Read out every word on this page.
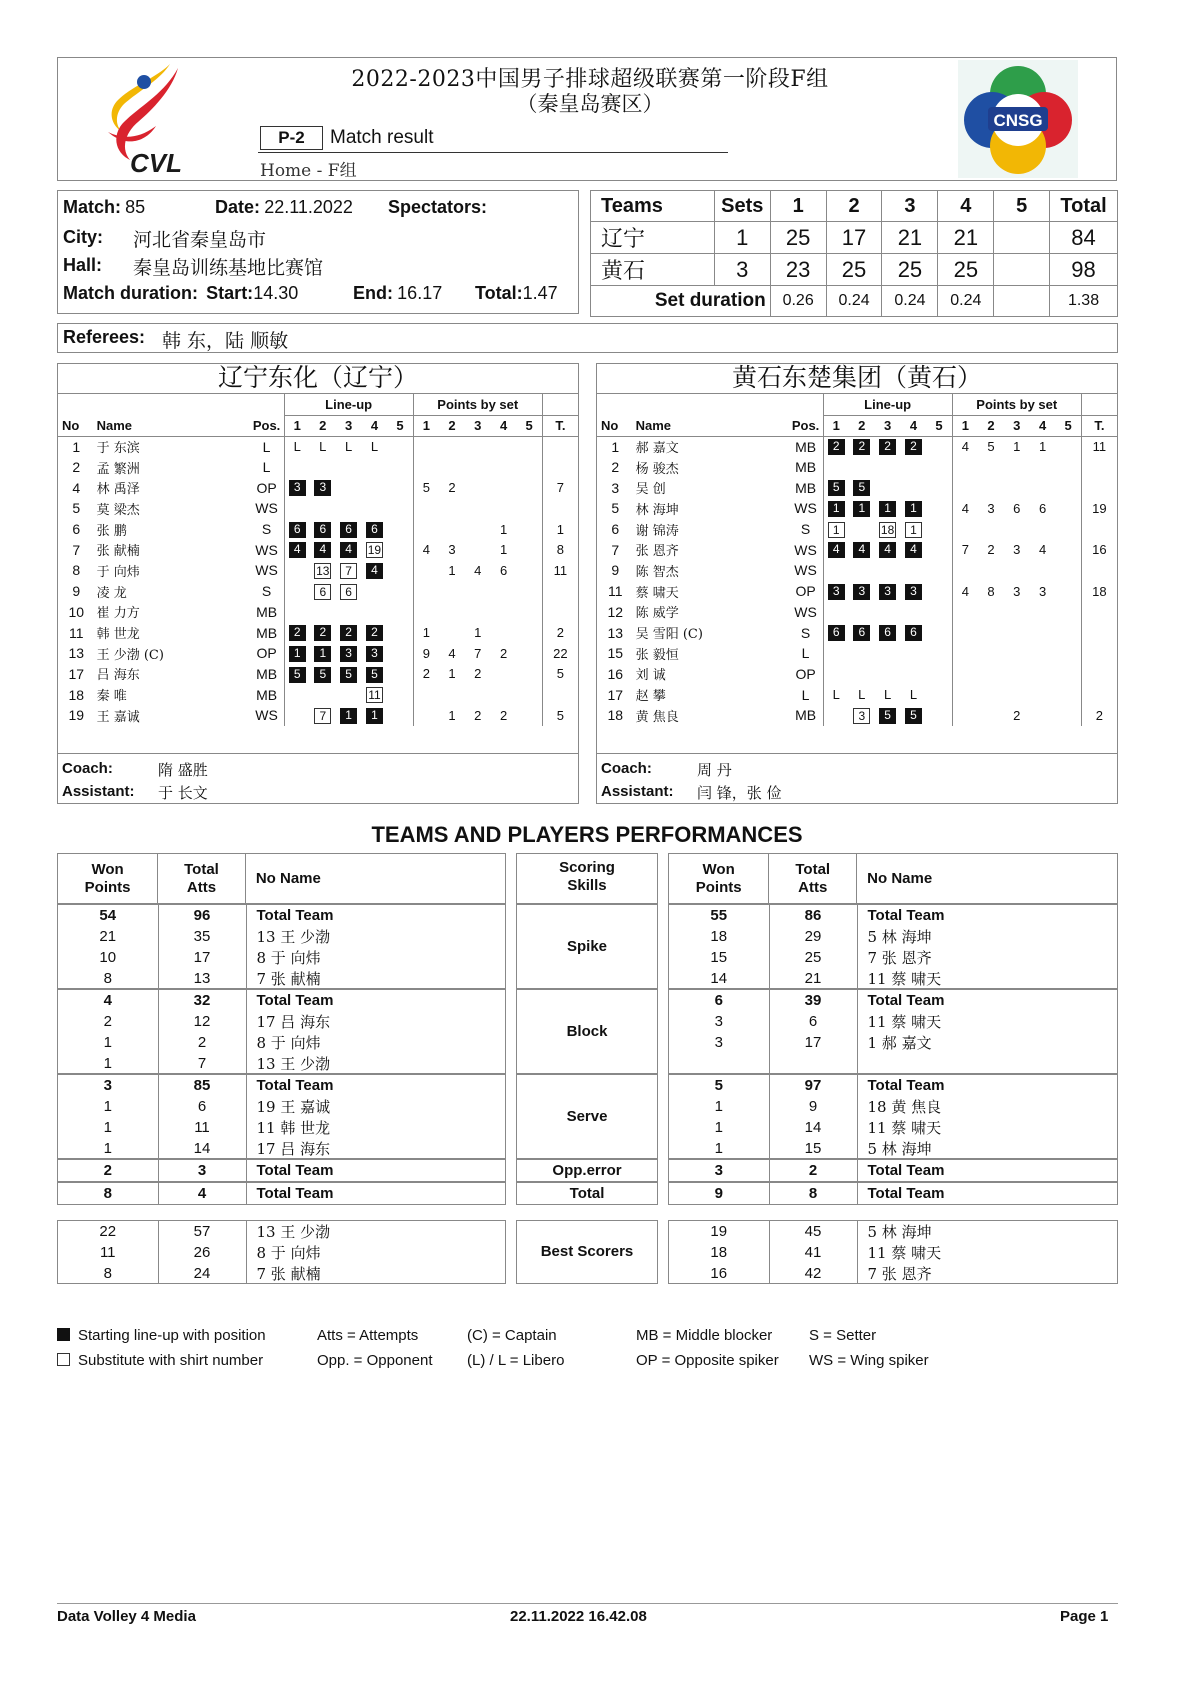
CVL
2022-2023中国男子排球超级联赛第一阶段F组
（秦皇岛赛区）
P-2	Match result
Home - F组
CNSG
Match: 85	Date: 22.11.2022 Spectators:
City: 河北省秦皇岛市
Hall: 秦皇岛训练基地比赛馆
Match duration: Start:14.30	End: 16.17 Total:1.47
Teams	Sets	1	2	3	4	5	Total
辽宁	1	25	17	21	21		84
黄石	3	23	25	25	25		98
Set duration		0.26	0.24	0.24	0.24		1.38
Referees: 韩 东，陆 顺敏
辽宁东化（辽宁）
			Line-up					Points by set					
No	Name	Pos.	1	2	3	4	5	1	2	3	4	5	T.
1	于 东滨	L	L	L	L	L							
2	孟 繁洲	L											
4	林 禹泽	OP	3	3				5	2				7
5	莫 梁杰	WS											
6	张 鹏	S	6	6	6	6					1		1
7	张 献楠	WS	4	4	4	19		4	3		1		8
8	于 向炜	WS		13	7	4			1	4	6		11
9	凌 龙	S		6	6								
10	崔 力方	MB											
11	韩 世龙	MB	2	2	2	2		1		1			2
13	王 少渤 (C)	OP	1	1	3	3		9	4	7	2		22
17	吕 海东	MB	5	5	5	5		2	1	2			5
18	秦 唯	MB				11							
19	王 嘉诚	WS		7	1	1			1	2	2		5
Coach:	隋 盛胜
Assistant: 于 长文
黄石东楚集团（黄石）
			Line-up					Points by set					
No	Name	Pos.	1	2	3	4	5	1	2	3	4	5	T.
1	郝 嘉文	MB	2	2	2	2		4	5	1	1		11
2	杨 骏杰	MB											
3	吴 创	MB	5	5									
5	林 海坤	WS	1	1	1	1		4	3	6	6		19
6	谢 锦涛	S	1		18	1							
7	张 恩齐	WS	4	4	4	4		7	2	3	4		16
9	陈 智杰	WS											
11	蔡 啸天	OP	3	3	3	3		4	8	3	3		18
12	陈 威学	WS											
13	吴 雪阳 (C)	S	6	6	6	6							
15	张 毅恒	L											
16	刘 诚	OP											
17	赵 攀	L	L	L	L	L							
18	黄 焦良	MB		3	5	5				2			2
Coach:	周 丹
Assistant: 闫 锋，张 俭
TEAMS AND PLAYERS PERFORMANCES
Won
Points	Total
Atts	No Name
Won
Points	Total
Atts	No Name
Scoring
Skills
54	96	Total Team
21	35	13 王 少渤
10	17	8 于 向炜
8	13	7 张 献楠
Spike
55	86	Total Team
18	29	5 林 海坤
15	25	7 张 恩齐
14	21	11 蔡 啸天
4	32	Total Team
2	12	17 吕 海东
1	2	8 于 向炜
1	7	13 王 少渤
Block
6	39	Total Team
3	6	11 蔡 啸天
3	17	1 郝 嘉文

3	85	Total Team
1	6	19 王 嘉诚
1	11	11 韩 世龙
1	14	17 吕 海东
Serve
5	97	Total Team
1	9	18 黄 焦良
1	14	11 蔡 啸天
1	15	5 林 海坤
2	3	Total Team	Opp.error	3	2	Total Team
8	4	Total Team	Total	9	8	Total Team
22	57	13 王 少渤
11	26	8 于 向炜
8	24	7 张 献楠
Best Scorers
19	45	5 林 海坤
18	41	11 蔡 啸天
16	42	7 张 恩齐
Starting line-up with position
Substitute with shirt number
Atts = Attempts
Opp. = Opponent
(C) = Captain
(L) / L = Libero
MB = Middle blocker
OP = Opposite spiker
S = Setter
WS = Wing spiker
Data Volley 4 Media	22.11.2022 16.42.08	Page 1
